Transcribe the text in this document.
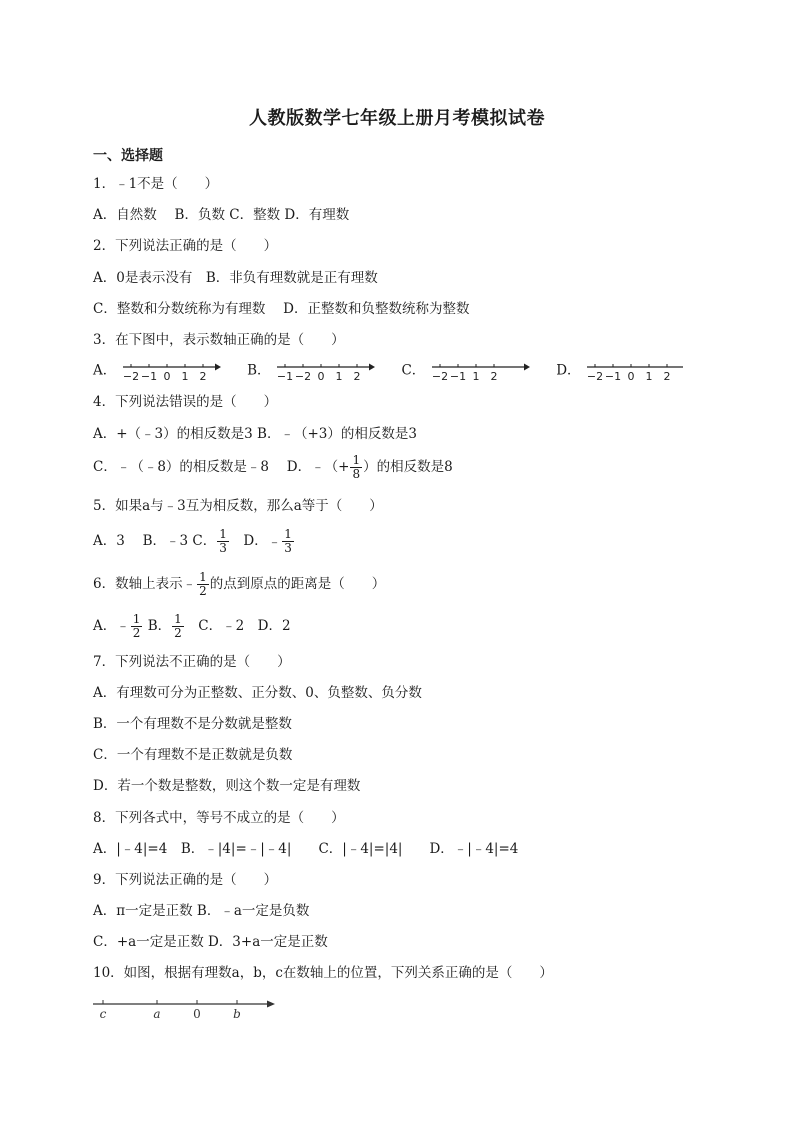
人教版数学七年级上册月考模拟试卷
一、选择题
1．﹣1不是（　　）
A．自然数　 B．负数 C．整数 D．有理数
2．下列说法正确的是（　　）
A．0是表示没有　B．非负有理数就是正有理数
C．整数和分数统称为有理数　 D．正整数和负整数统称为整数
3．在下图中，表示数轴正确的是（　　）
A． −2 −1 0 1 2	B． −1 −2 0 1 2	C． −2 −1 1 2	D． −2 −1 0 1 2
4．下列说法错误的是（　　）
A．+（﹣3）的相反数是3 B．﹣（+3）的相反数是3
C．﹣（﹣8）的相反数是﹣8　 D．﹣（+ $\frac{1}{8}$ ）的相反数是8
5．如果a与﹣3互为相反数，那么a等于（　　）
A．3　 B．﹣3 C． $\frac{1}{3}$ 　D．﹣ $\frac{1}{3}$
6．数轴上表示﹣ $\frac{1}{2}$ 的点到原点的距离是（　　）
A．﹣ $\frac{1}{2}$ B． $\frac{1}{2}$ 　C．﹣2　D．2
7．下列说法不正确的是（　　）
A．有理数可分为正整数、正分数、0、负整数、负分数
B．一个有理数不是分数就是整数
C．一个有理数不是正数就是负数
D．若一个数是整数，则这个数一定是有理数
8．下列各式中，等号不成立的是（　　）
A．|﹣4|=4　B．﹣|4|=﹣|﹣4|　　C．|﹣4|=|4|　　D．﹣|﹣4|=4
9．下列说法正确的是（　　）
A．π一定是正数 B．﹣a一定是负数
C．+a一定是正数 D．3+a一定是正数
10．如图，根据有理数a，b，c在数轴上的位置，下列关系正确的是（　　）
c	a	0	b
